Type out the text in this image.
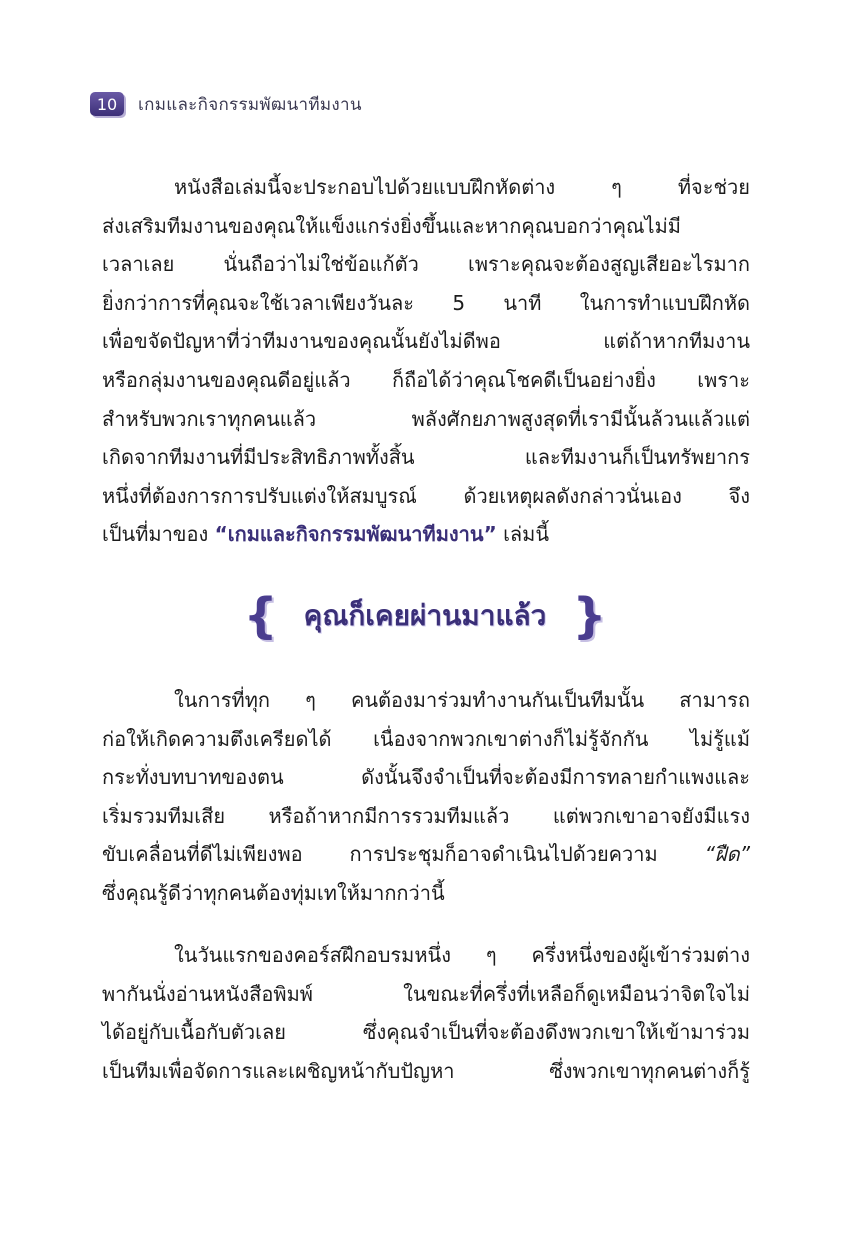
10	เกมและกิจกรรมพัฒนาทีมงาน
หนังสือเล่มนี้จะประกอบไปด้วยแบบฝึกหัดต่าง ๆ ที่จะช่วย
ส่งเสริมทีมงานของคุณให้แข็งแกร่งยิ่งขึ้นและหากคุณบอกว่าคุณไม่มี
เวลาเลย นั่นถือว่าไม่ใช่ข้อแก้ตัว เพราะคุณจะต้องสูญเสียอะไรมาก
ยิ่งกว่าการที่คุณจะใช้เวลาเพียงวันละ 5 นาที ในการทำแบบฝึกหัด
เพื่อขจัดปัญหาที่ว่าทีมงานของคุณนั้นยังไม่ดีพอ แต่ถ้าหากทีมงาน
หรือกลุ่มงานของคุณดีอยู่แล้ว ก็ถือได้ว่าคุณโชคดีเป็นอย่างยิ่ง เพราะ
สำหรับพวกเราทุกคนแล้ว พลังศักยภาพสูงสุดที่เรามีนั้นล้วนแล้วแต่
เกิดจากทีมงานที่มีประสิทธิภาพทั้งสิ้น และทีมงานก็เป็นทรัพยากร
หนึ่งที่ต้องการการปรับแต่งให้สมบูรณ์ ด้วยเหตุผลดังกล่าวนั่นเอง จึง
เป็นที่มาของ “เกมและกิจกรรมพัฒนาทีมงาน” เล่มนี้
{ คุณก็เคยผ่านมาแล้ว }
ในการที่ทุก ๆ คนต้องมาร่วมทำงานกันเป็นทีมนั้น สามารถ
ก่อให้เกิดความตึงเครียดได้ เนื่องจากพวกเขาต่างก็ไม่รู้จักกัน ไม่รู้แม้
กระทั่งบทบาทของตน ดังนั้นจึงจำเป็นที่จะต้องมีการทลายกำแพงและ
เริ่มรวมทีมเสีย หรือถ้าหากมีการรวมทีมแล้ว แต่พวกเขาอาจยังมีแรง
ขับเคลื่อนที่ดีไม่เพียงพอ การประชุมก็อาจดำเนินไปด้วยความ “ฝืด”
ซึ่งคุณรู้ดีว่าทุกคนต้องทุ่มเทให้มากกว่านี้
ในวันแรกของคอร์สฝึกอบรมหนึ่ง ๆ ครึ่งหนึ่งของผู้เข้าร่วมต่าง
พากันนั่งอ่านหนังสือพิมพ์ ในขณะที่ครึ่งที่เหลือก็ดูเหมือนว่าจิตใจไม่
ได้อยู่กับเนื้อกับตัวเลย ซึ่งคุณจำเป็นที่จะต้องดึงพวกเขาให้เข้ามาร่วม
เป็นทีมเพื่อจัดการและเผชิญหน้ากับปัญหา ซึ่งพวกเขาทุกคนต่างก็รู้
